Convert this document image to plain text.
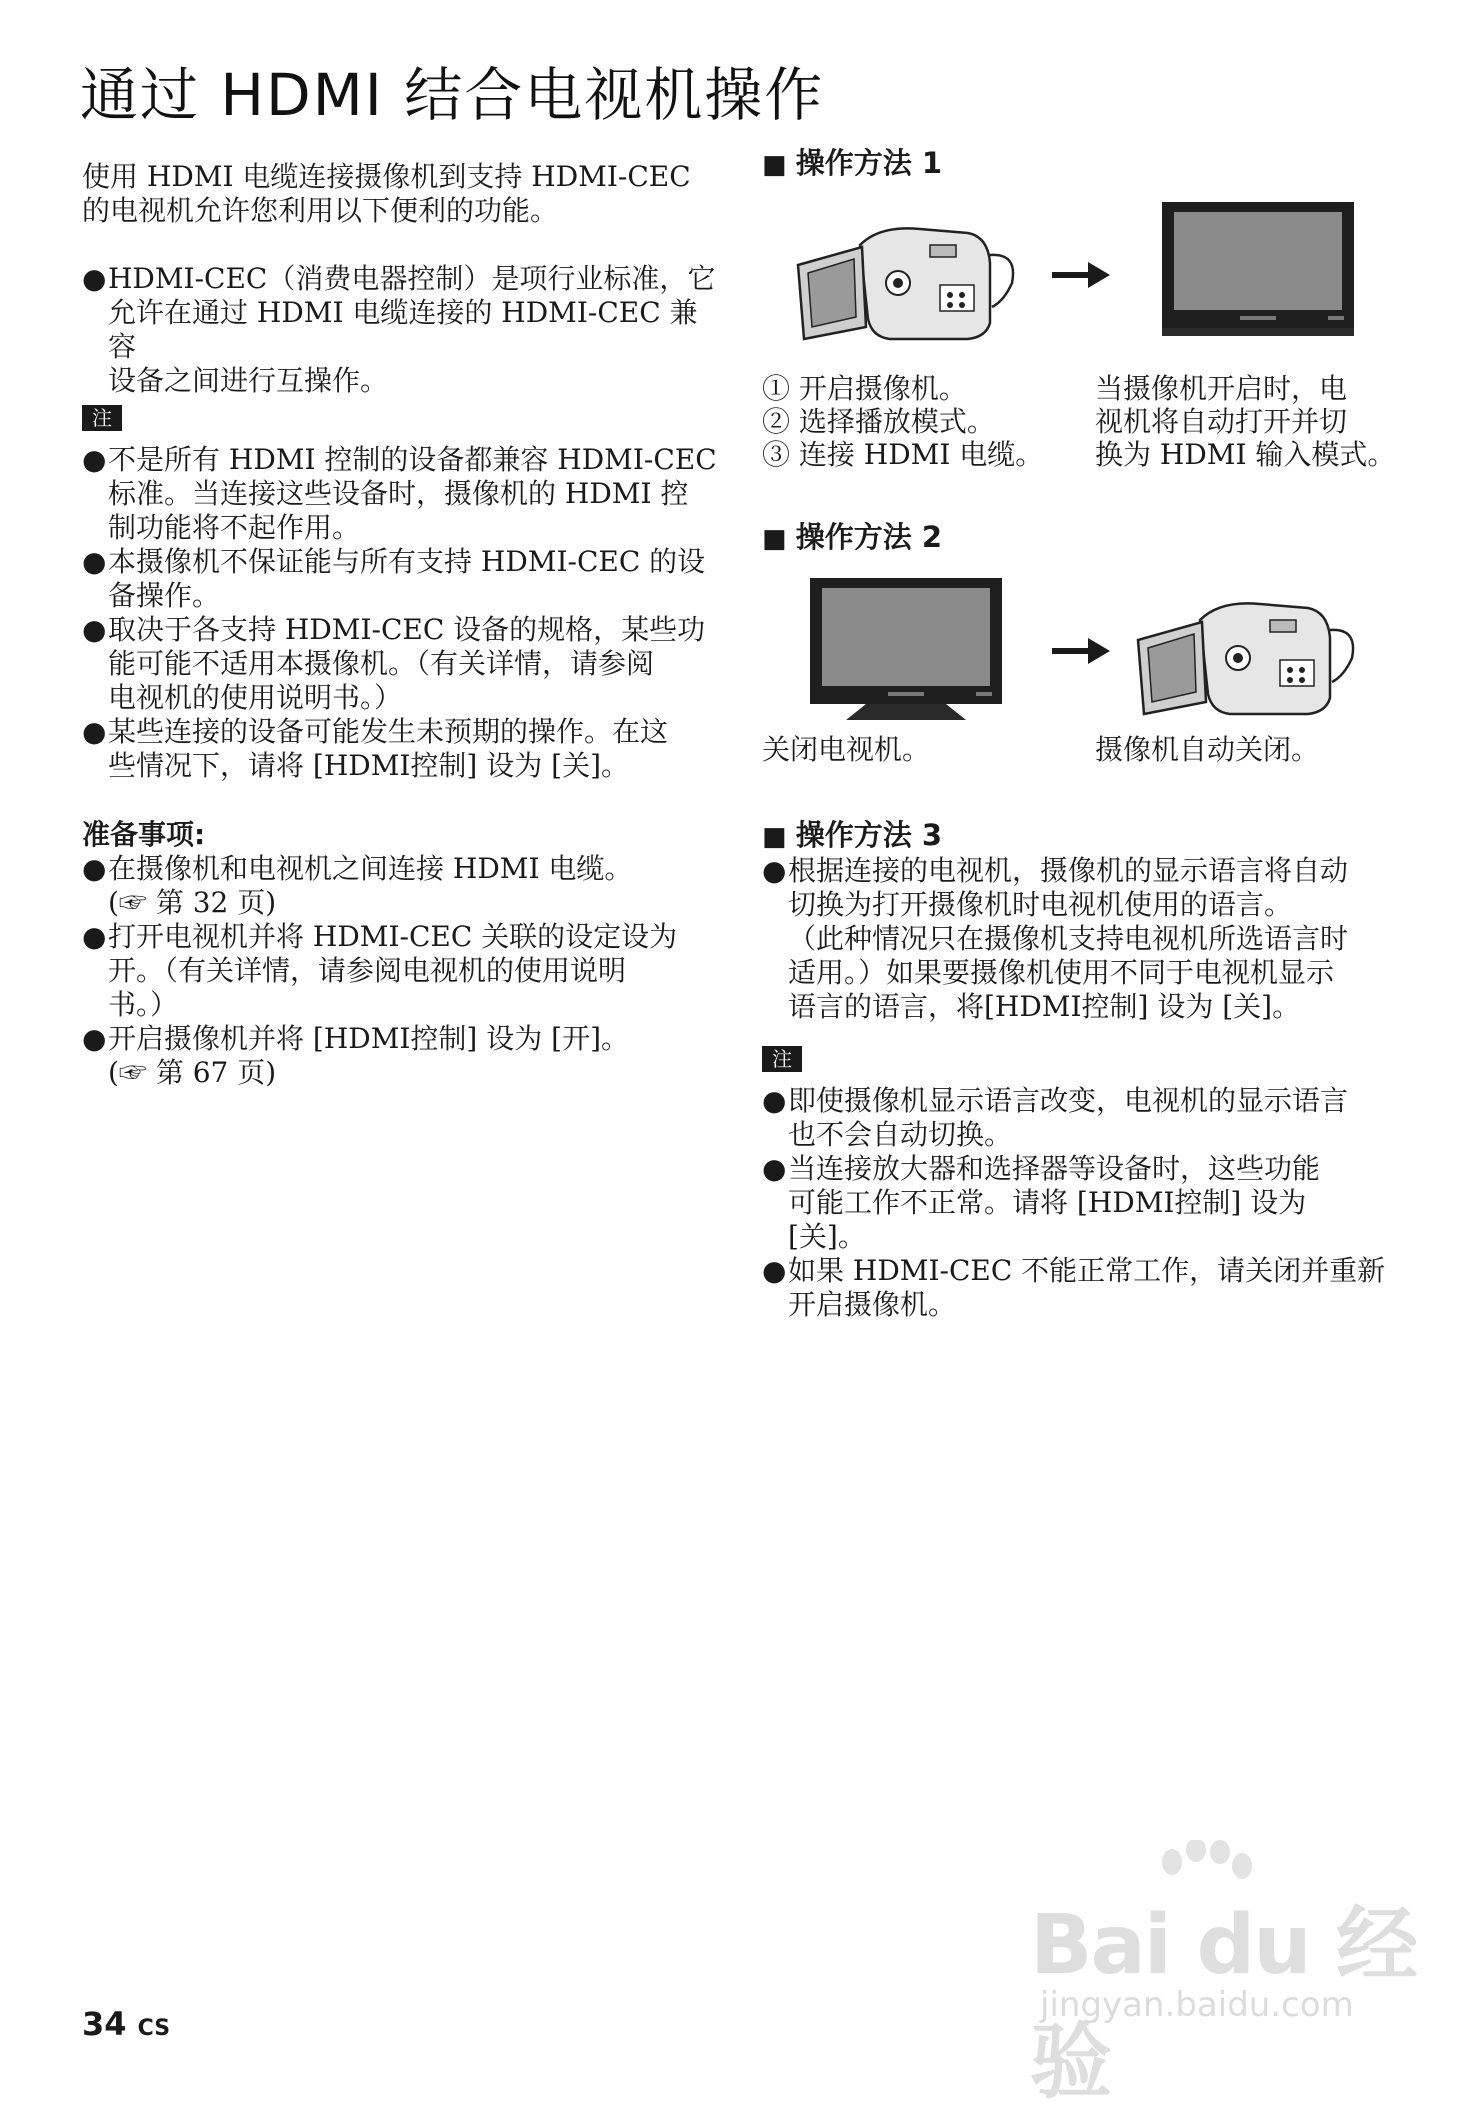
通过 HDMI 结合电视机操作
使用 HDMI 电缆连接摄像机到支持 HDMI-CEC
的电视机允许您利用以下便利的功能。
● HDMI-CEC（消费电器控制）是项行业标准，它
允许在通过 HDMI 电缆连接的 HDMI-CEC 兼容
设备之间进行互操作。
注
● 不是所有 HDMI 控制的设备都兼容 HDMI-CEC
标准。当连接这些设备时，摄像机的 HDMI 控
制功能将不起作用。
● 本摄像机不保证能与所有支持 HDMI-CEC 的设
备操作。
● 取决于各支持 HDMI-CEC 设备的规格，某些功
能可能不适用本摄像机。（有关详情，请参阅
电视机的使用说明书。）
● 某些连接的设备可能发生未预期的操作。在这
些情况下，请将 [HDMI控制] 设为 [关]。
准备事项:
● 在摄像机和电视机之间连接 HDMI 电缆。
(☞ 第 32 页)
● 打开电视机并将 HDMI-CEC 关联的设定设为
开。（有关详情，请参阅电视机的使用说明
书。）
● 开启摄像机并将 [HDMI控制] 设为 [开]。
(☞ 第 67 页)
■ 操作方法 1
① 开启摄像机。
② 选择播放模式。
③ 连接 HDMI 电缆。
当摄像机开启时，电
视机将自动打开并切
换为 HDMI 输入模式。
■ 操作方法 2
关闭电视机。	摄像机自动关闭。
■ 操作方法 3
● 根据连接的电视机，摄像机的显示语言将自动
切换为打开摄像机时电视机使用的语言。
（此种情况只在摄像机支持电视机所选语言时
适用。）如果要摄像机使用不同于电视机显示
语言的语言，将[HDMI控制] 设为 [关]。
注
● 即使摄像机显示语言改变，电视机的显示语言
也不会自动切换。
● 当连接放大器和选择器等设备时，这些功能
可能工作不正常。请将 [HDMI控制] 设为
[关]。
● 如果 HDMI-CEC 不能正常工作，请关闭并重新
开启摄像机。
Bai du 经验
jingyan.baidu.com
34 CS
